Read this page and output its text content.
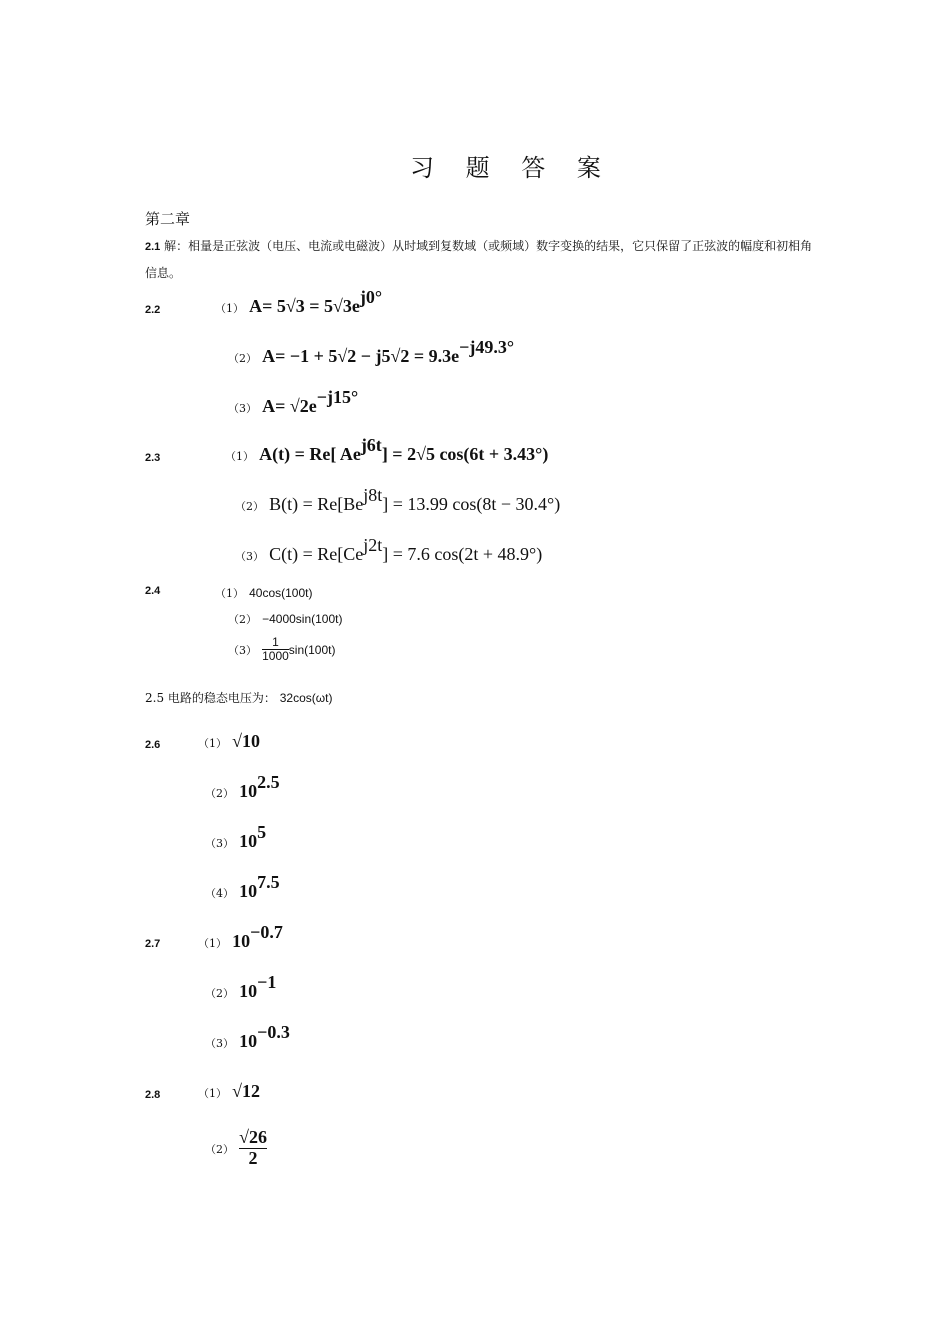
习 题 答 案
第二章
2.1 解：相量是正弦波（电压、电流或电磁波）从时域到复数域（或频域）数字变换的结果，它只保留了正弦波的幅度和初相角信息。
2.2	（1） $A= 5√3 = 5√3e^{j0^\circ}$
（2） $A= -1 + 5√2 - j5√2 = 9.3e^{-j49.3^\circ}$
（3） $A= √2e^{-j15^\circ}$
2.3	（1） A(t) = Re[ $Ae^{j6t}] = 2√5$ cos(6t + 3.43°)
（2） $B(t) = Re[Be^{j8t}] = 13.99$ cos(8t − 30.4°)
（3） $C(t) = Re[Ce^{j2t}] = 7.6$ cos(2t + 48.9°)
2.4	（1） 40cos(100t)
（2） −4000sin(100t)
$(3) \frac{1}{1000} \sin(100t)$
2.5 电路的稳态电压为： 32cos(ωt)
2.6	（1） √10
（2） $10^{2.5}$
（3） $10^5$
（4） $10^{7.5}$
2.7	（1） $10^{-0.7}$
（2） $10^{-1}$
（3） $10^{-0.3}$
2.8	（1） √12
$(2) \frac{√26}{2}$
